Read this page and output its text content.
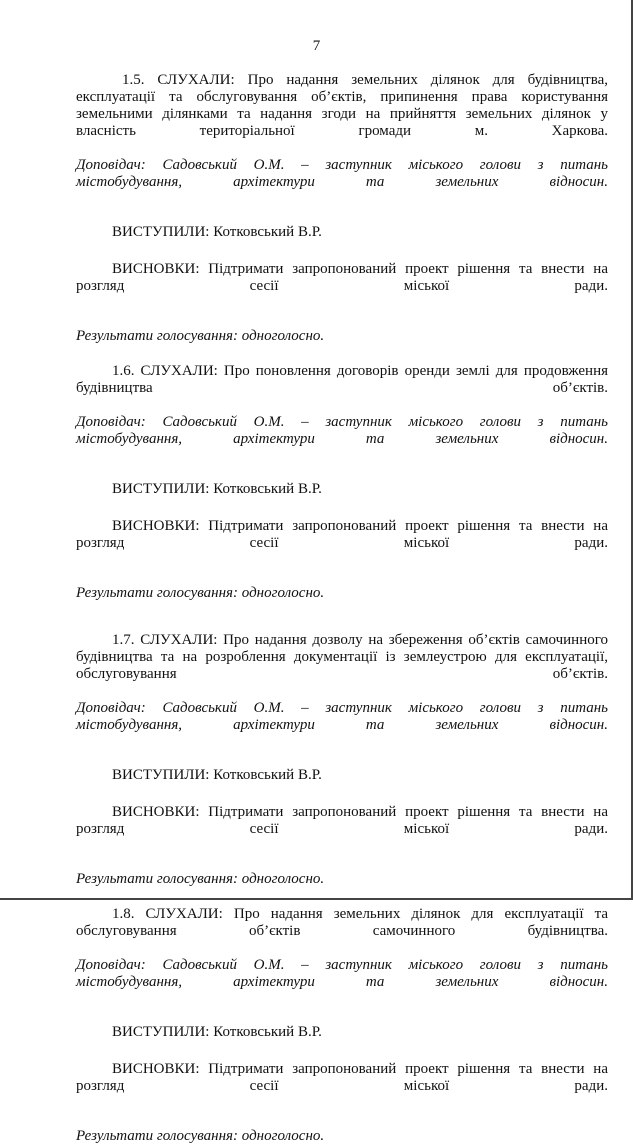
7

1.5. СЛУХАЛИ: Про надання земельних ділянок для будівництва, експлуатації та обслуговування об’єктів, припинення права користування земельними ділянками та надання згоди на прийняття земельних ділянок у власність територіальної громади м. Харкова.

Доповідач: Садовський О.М. – заступник міського голови з питань містобудування, архітектури та земельних відносин.

ВИСТУПИЛИ: Котковський В.Р.

ВИСНОВКИ: Підтримати запропонований проект рішення та внести на розгляд сесії міської ради.

Результати голосування: одноголосно.

1.6. СЛУХАЛИ: Про поновлення договорів оренди землі для продовження будівництва об’єктів.

Доповідач: Садовський О.М. – заступник міського голови з питань містобудування, архітектури та земельних відносин.

ВИСТУПИЛИ: Котковський В.Р.

ВИСНОВКИ: Підтримати запропонований проект рішення та внести на розгляд сесії міської ради.

Результати голосування: одноголосно.

1.7. СЛУХАЛИ: Про надання дозволу на збереження об’єктів самочинного будівництва та на розроблення документації із землеустрою для експлуатації, обслуговування об’єктів.

Доповідач: Садовський О.М. – заступник міського голови з питань містобудування, архітектури та земельних відносин.

ВИСТУПИЛИ: Котковський В.Р.

ВИСНОВКИ: Підтримати запропонований проект рішення та внести на розгляд сесії міської ради.

Результати голосування: одноголосно.

1.8. СЛУХАЛИ: Про надання земельних ділянок для експлуатації та обслуговування об’єктів самочинного будівництва.

Доповідач: Садовський О.М. – заступник міського голови з питань містобудування, архітектури та земельних відносин.

ВИСТУПИЛИ: Котковський В.Р.

ВИСНОВКИ: Підтримати запропонований проект рішення та внести на розгляд сесії міської ради.

Результати голосування: одноголосно.
